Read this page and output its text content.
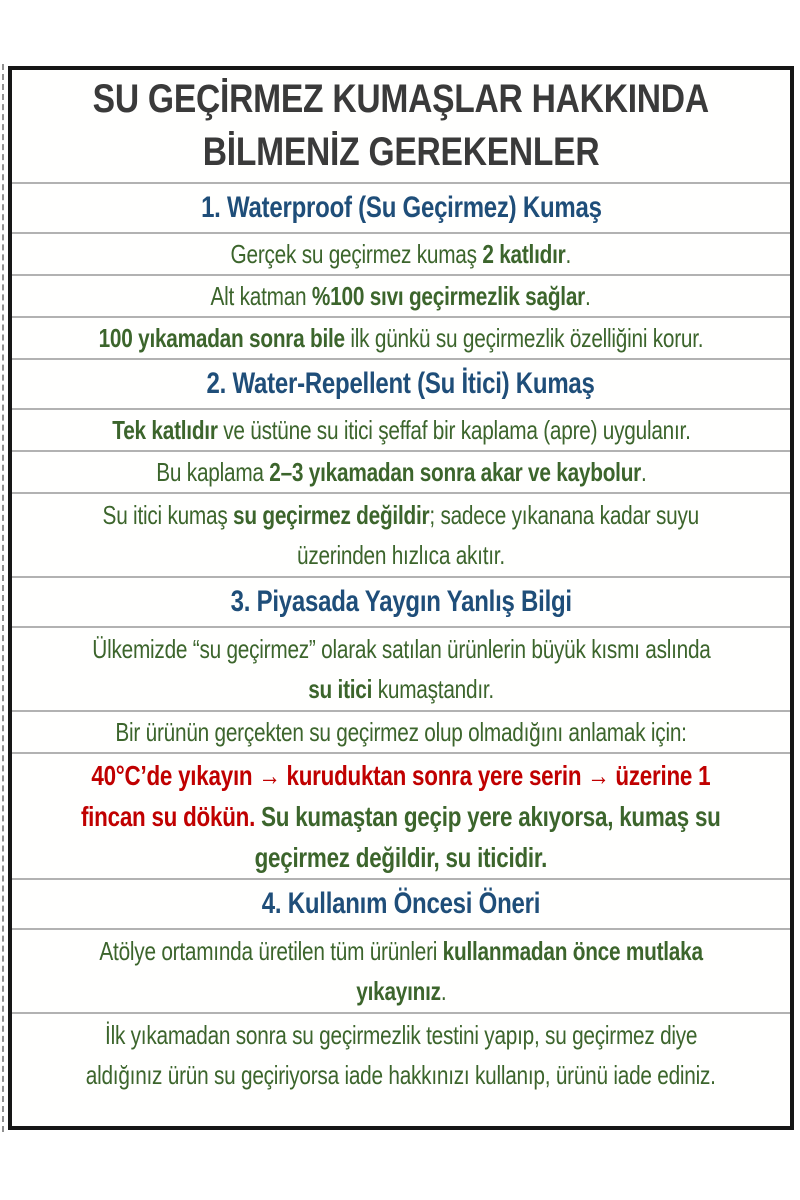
SU GEÇİRMEZ KUMAŞLAR HAKKINDA
BİLMENİZ GEREKENLER
1. Waterproof (Su Geçirmez) Kumaş
Gerçek su geçirmez kumaş 2 katlıdır.
Alt katman %100 sıvı geçirmezlik sağlar.
100 yıkamadan sonra bile ilk günkü su geçirmezlik özelliğini korur.
2. Water-Repellent (Su İtici) Kumaş
Tek katlıdır ve üstüne su itici şeffaf bir kaplama (apre) uygulanır.
Bu kaplama 2–3 yıkamadan sonra akar ve kaybolur.
Su itici kumaş su geçirmez değildir; sadece yıkanana kadar suyu
üzerinden hızlıca akıtır.
3. Piyasada Yaygın Yanlış Bilgi
Ülkemizde “su geçirmez” olarak satılan ürünlerin büyük kısmı aslında
su itici kumaştandır.
Bir ürünün gerçekten su geçirmez olup olmadığını anlamak için:
40°C’de yıkayın → kuruduktan sonra yere serin → üzerine 1
fincan su dökün. Su kumaştan geçip yere akıyorsa, kumaş su
geçirmez değildir, su iticidir.
4. Kullanım Öncesi Öneri
Atölye ortamında üretilen tüm ürünleri kullanmadan önce mutlaka
yıkayınız.
İlk yıkamadan sonra su geçirmezlik testini yapıp, su geçirmez diye
aldığınız ürün su geçiriyorsa iade hakkınızı kullanıp, ürünü iade ediniz.
